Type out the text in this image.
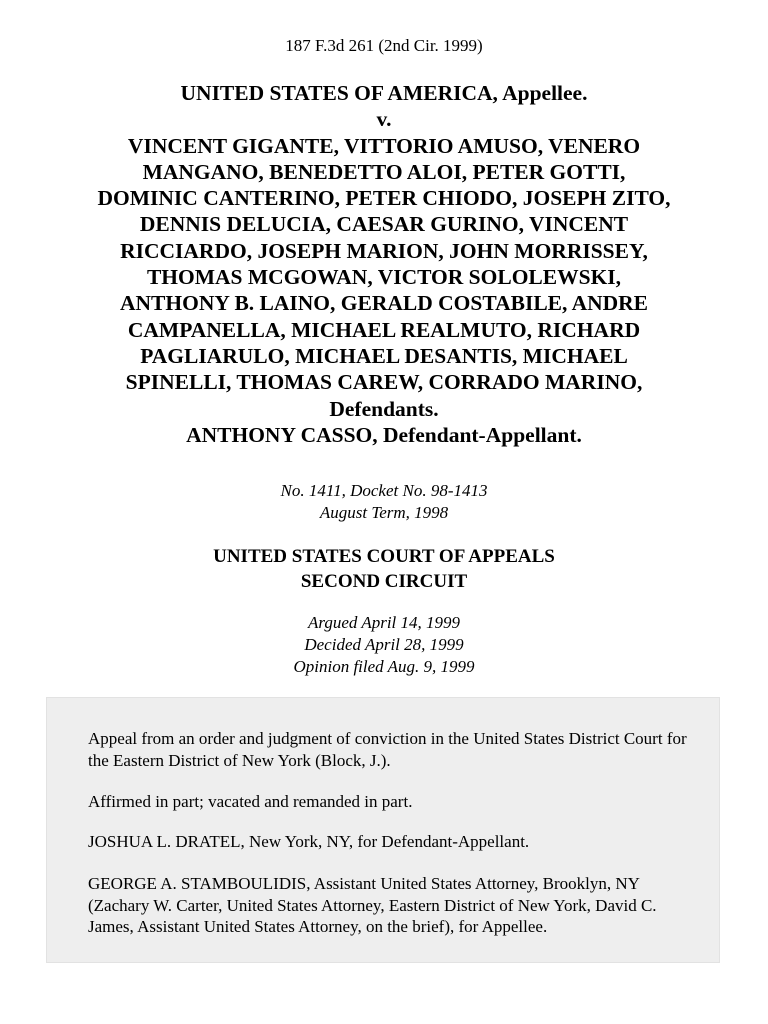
187 F.3d 261 (2nd Cir. 1999)
UNITED STATES OF AMERICA, Appellee.
v.
VINCENT GIGANTE, VITTORIO AMUSO, VENERO
MANGANO, BENEDETTO ALOI, PETER GOTTI,
DOMINIC CANTERINO, PETER CHIODO, JOSEPH ZITO,
DENNIS DELUCIA, CAESAR GURINO, VINCENT
RICCIARDO, JOSEPH MARION, JOHN MORRISSEY,
THOMAS MCGOWAN, VICTOR SOLOLEWSKI,
ANTHONY B. LAINO, GERALD COSTABILE, ANDRE
CAMPANELLA, MICHAEL REALMUTO, RICHARD
PAGLIARULO, MICHAEL DESANTIS, MICHAEL
SPINELLI, THOMAS CAREW, CORRADO MARINO,
Defendants.
ANTHONY CASSO, Defendant-Appellant.
No. 1411, Docket No. 98-1413
August Term, 1998
UNITED STATES COURT OF APPEALS
SECOND CIRCUIT
Argued April 14, 1999
Decided April 28, 1999
Opinion filed Aug. 9, 1999

Appeal from an order and judgment of conviction in the United States District Court for the Eastern District of New York (Block, J.).

Affirmed in part; vacated and remanded in part.

JOSHUA L. DRATEL, New York, NY, for Defendant-Appellant.

GEORGE A. STAMBOULIDIS, Assistant United States Attorney, Brooklyn, NY (Zachary W. Carter, United States Attorney, Eastern District of New York, David C. James, Assistant United States Attorney, on the brief), for Appellee.
